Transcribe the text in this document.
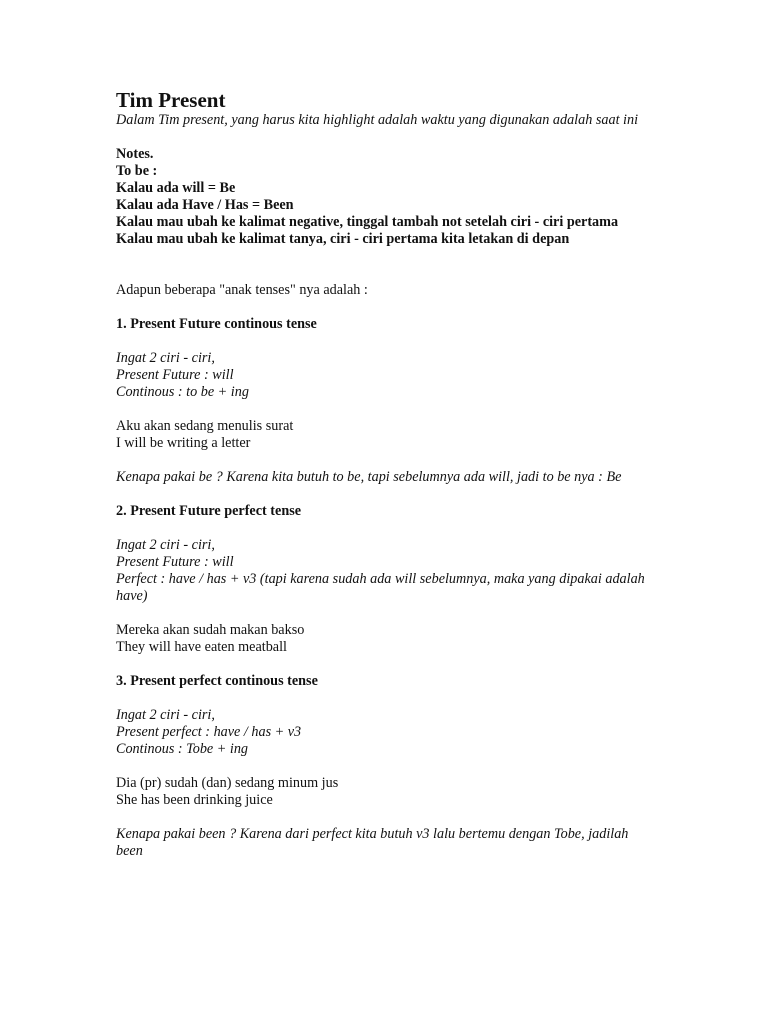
Tim Present

Dalam Tim present, yang harus kita highlight adalah waktu yang digunakan adalah saat ini

Notes.

To be :

Kalau ada will = Be

Kalau ada Have / Has = Been

Kalau mau ubah ke kalimat negative, tinggal tambah not setelah ciri - ciri pertama

Kalau mau ubah ke kalimat tanya, ciri - ciri pertama kita letakan di depan

Adapun beberapa "anak tenses" nya adalah :

1. Present Future continous tense

Ingat 2 ciri - ciri,

Present Future : will

Continous : to be + ing

Aku akan sedang menulis surat

I will be writing a letter

Kenapa pakai be ? Karena kita butuh to be, tapi sebelumnya ada will, jadi to be nya : Be

2. Present Future perfect tense

Ingat 2 ciri - ciri,

Present Future : will

Perfect : have / has + v3 (tapi karena sudah ada will sebelumnya, maka yang dipakai adalah have)

Mereka akan sudah makan bakso

They will have eaten meatball

3. Present perfect continous tense

Ingat 2 ciri - ciri,

Present perfect : have / has + v3

Continous : Tobe + ing

Dia (pr) sudah (dan) sedang minum jus

She has been drinking juice

Kenapa pakai been ? Karena dari perfect kita butuh v3 lalu bertemu dengan Tobe, jadilah been
